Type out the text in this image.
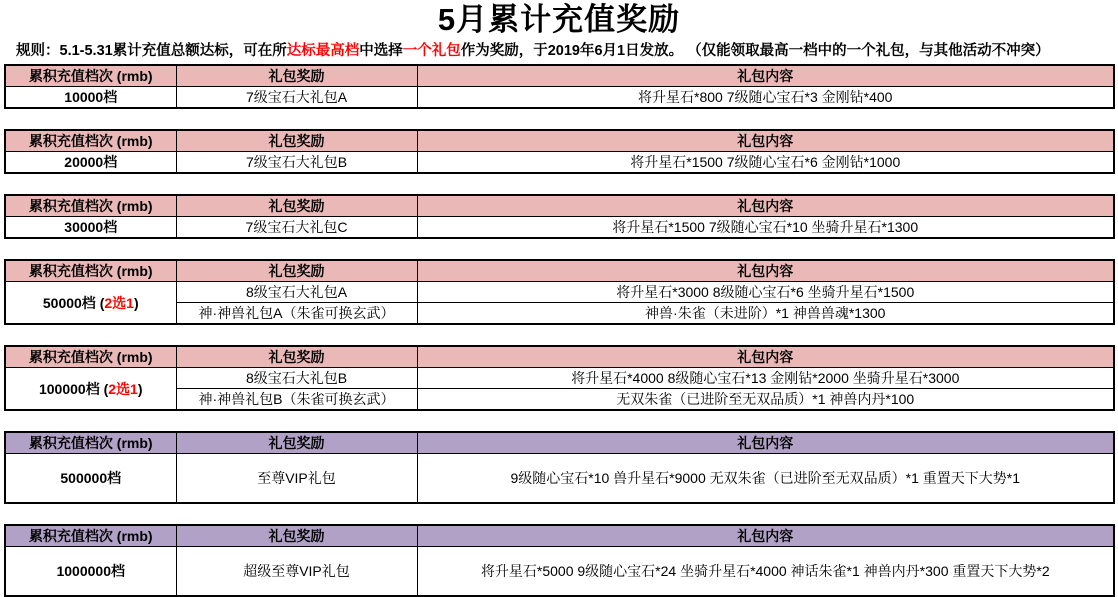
5月累计充值奖励
规则：5.1-5.31累计充值总额达标，可在所达标最高档中选择一个礼包作为奖励，于2019年6月1日发放。 （仅能领取最高一档中的一个礼包，与其他活动不冲突）
累积充值档次 (rmb)	礼包奖励	礼包内容
10000档	7级宝石大礼包A	将升星石*800 7级随心宝石*3 金刚钻*400
累积充值档次 (rmb)	礼包奖励	礼包内容
20000档	7级宝石大礼包B	将升星石*1500 7级随心宝石*6 金刚钻*1000
累积充值档次 (rmb)	礼包奖励	礼包内容
30000档	7级宝石大礼包C	将升星石*1500 7级随心宝石*10 坐骑升星石*1300
累积充值档次 (rmb)	礼包奖励	礼包内容
50000档 (2选1)	8级宝石大礼包A	将升星石*3000 8级随心宝石*6 坐骑升星石*1500
	神·神兽礼包A（朱雀可换玄武）	神兽·朱雀（未进阶）*1 神兽兽魂*1300
累积充值档次 (rmb)	礼包奖励	礼包内容
100000档 (2选1)	8级宝石大礼包B	将升星石*4000 8级随心宝石*13 金刚钻*2000 坐骑升星石*3000
	神·神兽礼包B（朱雀可换玄武）	无双朱雀（已进阶至无双品质）*1 神兽内丹*100
累积充值档次 (rmb)	礼包奖励	礼包内容
500000档	至尊VIP礼包	9级随心宝石*10 兽升星石*9000 无双朱雀（已进阶至无双品质）*1 重置天下大势*1
累积充值档次 (rmb)	礼包奖励	礼包内容
1000000档	超级至尊VIP礼包	将升星石*5000 9级随心宝石*24 坐骑升星石*4000 神话朱雀*1 神兽内丹*300 重置天下大势*2
